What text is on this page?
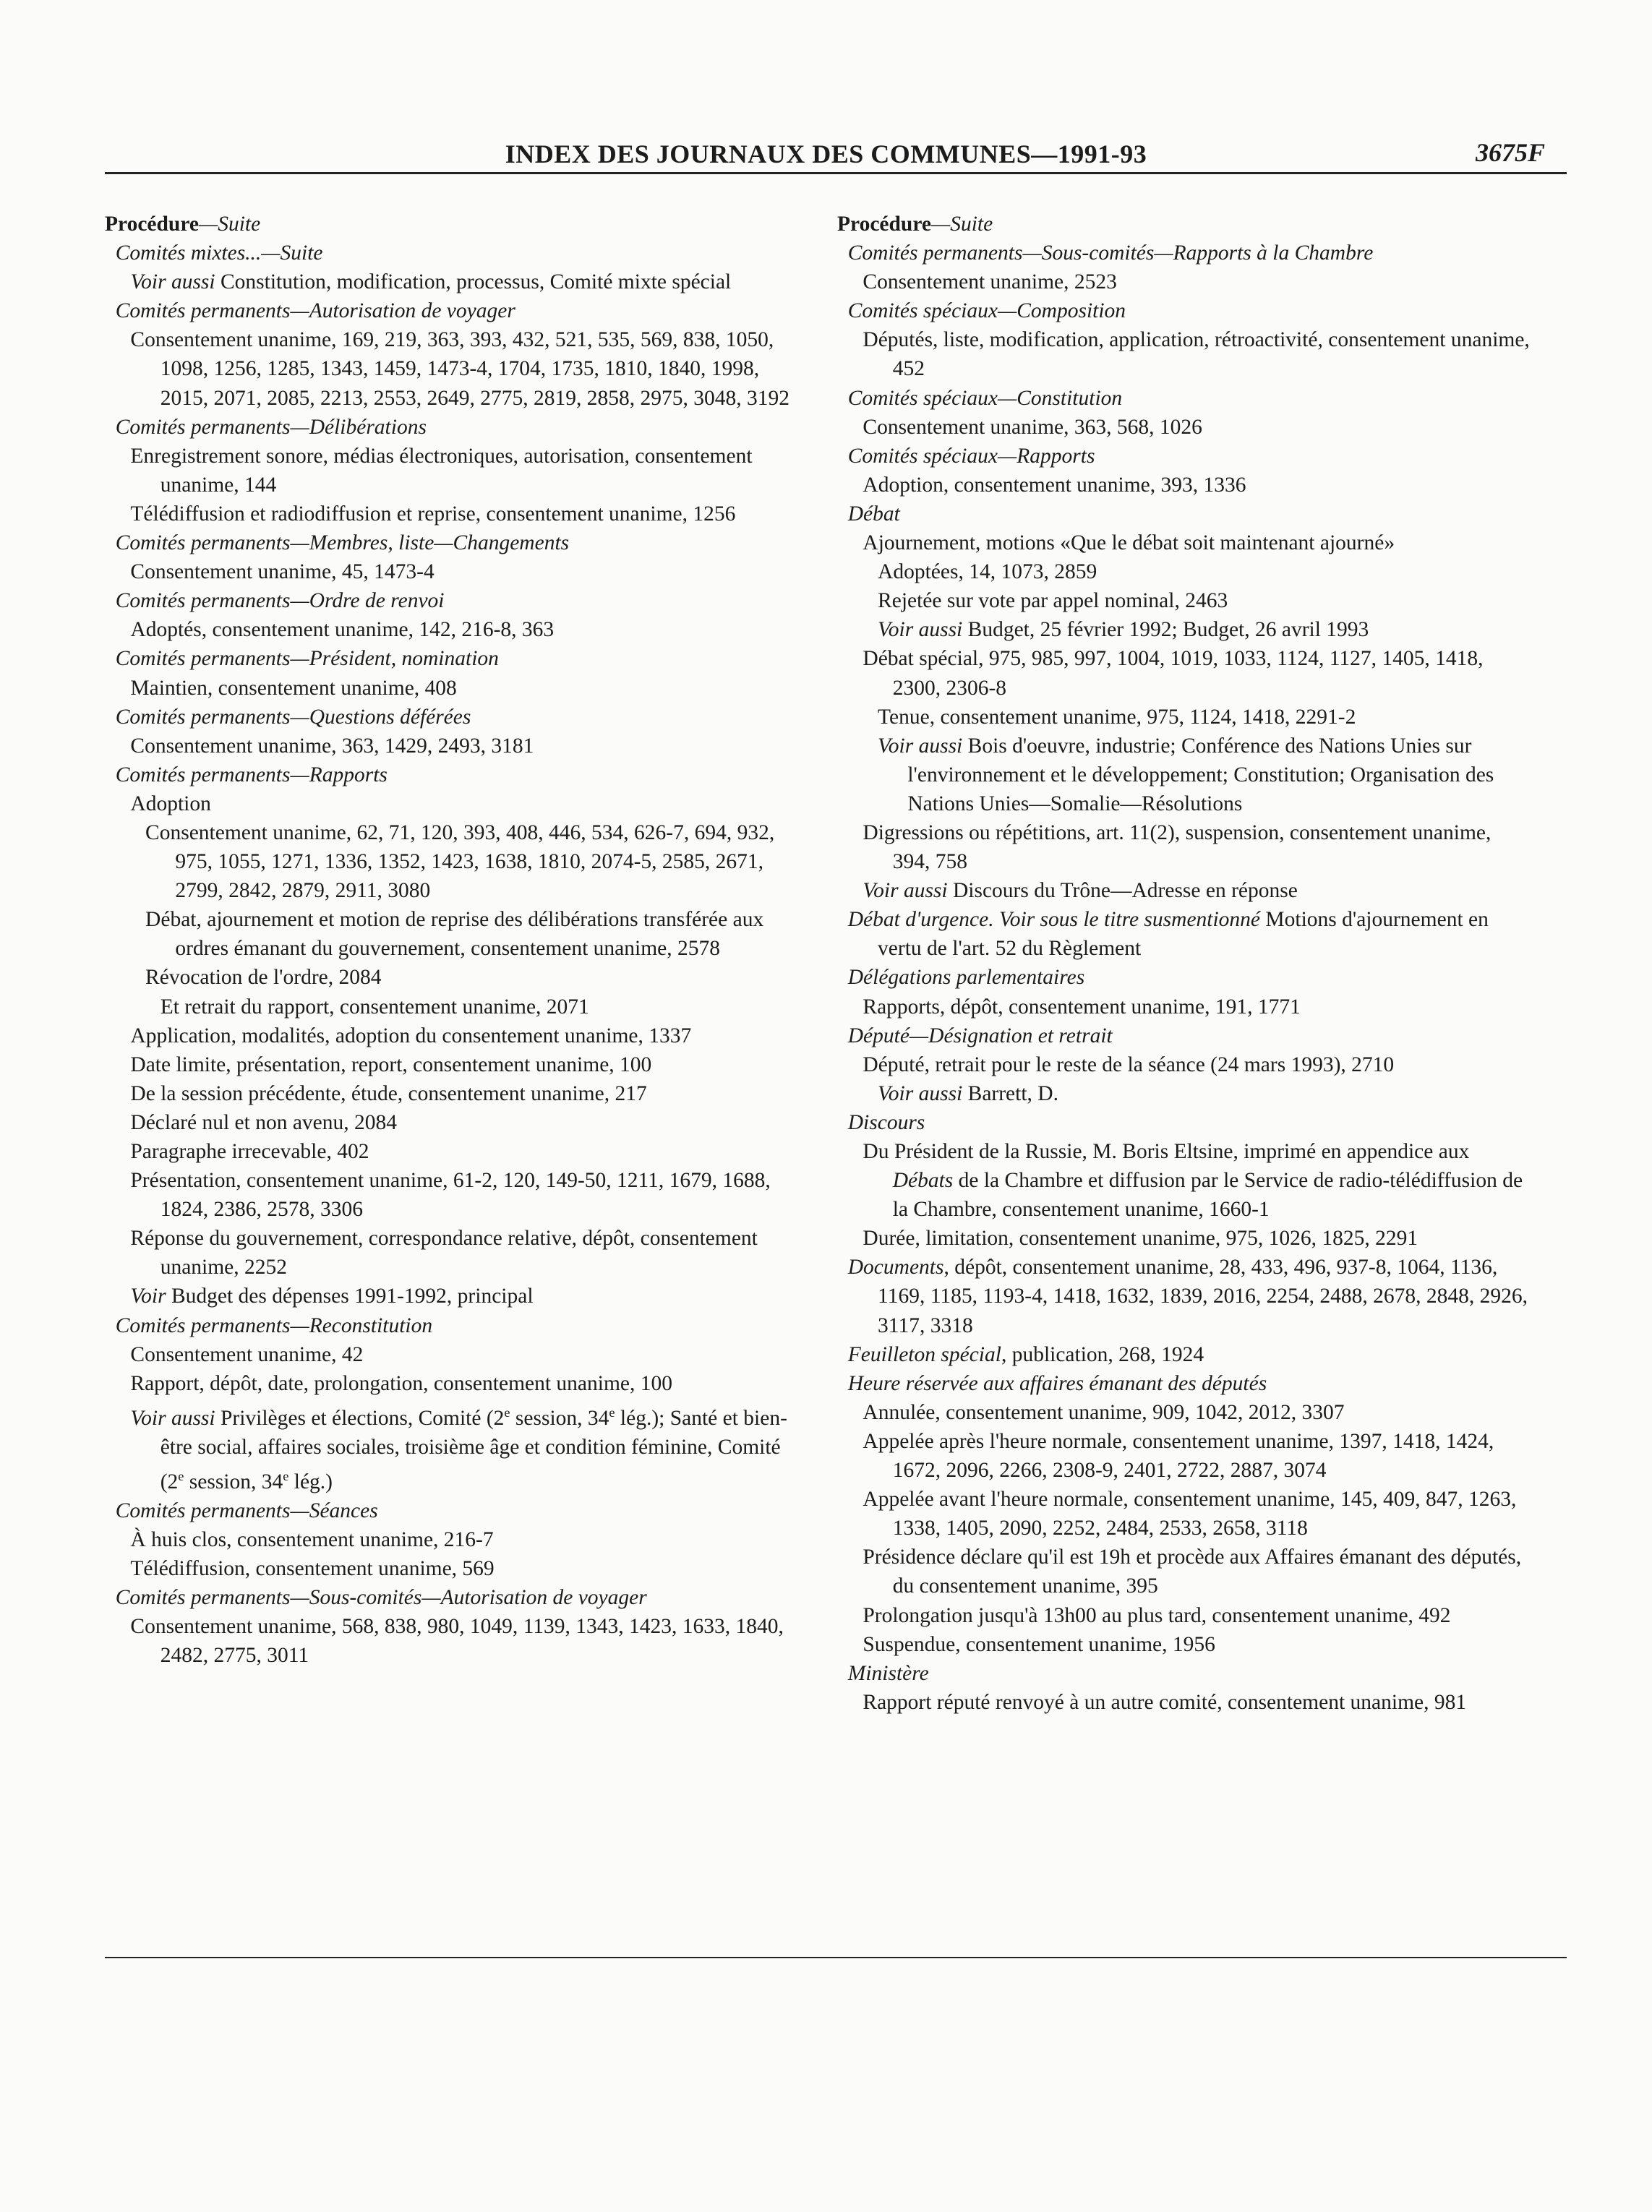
INDEX DES JOURNAUX DES COMMUNES—1991-93	3675F
Procédure—Suite
Comités mixtes...—Suite
Voir aussi Constitution, modification, processus, Comité mixte spécial
Comités permanents—Autorisation de voyager
Consentement unanime, 169, 219, 363, 393, 432, 521, 535, 569, 838, 1050, 1098, 1256, 1285, 1343, 1459, 1473-4, 1704, 1735, 1810, 1840, 1998, 2015, 2071, 2085, 2213, 2553, 2649, 2775, 2819, 2858, 2975, 3048, 3192
Comités permanents—Délibérations
Enregistrement sonore, médias électroniques, autorisation, consentement unanime, 144
Télédiffusion et radiodiffusion et reprise, consentement unanime, 1256
Comités permanents—Membres, liste—Changements
Consentement unanime, 45, 1473-4
Comités permanents—Ordre de renvoi
Adoptés, consentement unanime, 142, 216-8, 363
Comités permanents—Président, nomination
Maintien, consentement unanime, 408
Comités permanents—Questions déférées
Consentement unanime, 363, 1429, 2493, 3181
Comités permanents—Rapports
Adoption
Consentement unanime, 62, 71, 120, 393, 408, 446, 534, 626-7, 694, 932, 975, 1055, 1271, 1336, 1352, 1423, 1638, 1810, 2074-5, 2585, 2671, 2799, 2842, 2879, 2911, 3080
Débat, ajournement et motion de reprise des délibérations transférée aux ordres émanant du gouvernement, consentement unanime, 2578
Révocation de l'ordre, 2084
Et retrait du rapport, consentement unanime, 2071
Application, modalités, adoption du consentement unanime, 1337
Date limite, présentation, report, consentement unanime, 100
De la session précédente, étude, consentement unanime, 217
Déclaré nul et non avenu, 2084
Paragraphe irrecevable, 402
Présentation, consentement unanime, 61-2, 120, 149-50, 1211, 1679, 1688, 1824, 2386, 2578, 3306
Réponse du gouvernement, correspondance relative, dépôt, consentement unanime, 2252
Voir Budget des dépenses 1991-1992, principal
Comités permanents—Reconstitution
Consentement unanime, 42
Rapport, dépôt, date, prolongation, consentement unanime, 100
Voir aussi Privilèges et élections, Comité (2e session, 34e lég.); Santé et bien-être social, affaires sociales, troisième âge et condition féminine, Comité (2e session, 34e lég.)
Comités permanents—Séances
À huis clos, consentement unanime, 216-7
Télédiffusion, consentement unanime, 569
Comités permanents—Sous-comités—Autorisation de voyager
Consentement unanime, 568, 838, 980, 1049, 1139, 1343, 1423, 1633, 1840, 2482, 2775, 3011
Procédure—Suite
Comités permanents—Sous-comités—Rapports à la Chambre
Consentement unanime, 2523
Comités spéciaux—Composition
Députés, liste, modification, application, rétroactivité, consentement unanime, 452
Comités spéciaux—Constitution
Consentement unanime, 363, 568, 1026
Comités spéciaux—Rapports
Adoption, consentement unanime, 393, 1336
Débat
Ajournement, motions «Que le débat soit maintenant ajourné»
Adoptées, 14, 1073, 2859
Rejetée sur vote par appel nominal, 2463
Voir aussi Budget, 25 février 1992; Budget, 26 avril 1993
Débat spécial, 975, 985, 997, 1004, 1019, 1033, 1124, 1127, 1405, 1418, 2300, 2306-8
Tenue, consentement unanime, 975, 1124, 1418, 2291-2
Voir aussi Bois d'oeuvre, industrie; Conférence des Nations Unies sur l'environnement et le développement; Constitution; Organisation des Nations Unies—Somalie—Résolutions
Digressions ou répétitions, art. 11(2), suspension, consentement unanime, 394, 758
Voir aussi Discours du Trône—Adresse en réponse
Débat d'urgence. Voir sous le titre susmentionné Motions d'ajournement en vertu de l'art. 52 du Règlement
Délégations parlementaires
Rapports, dépôt, consentement unanime, 191, 1771
Député—Désignation et retrait
Député, retrait pour le reste de la séance (24 mars 1993), 2710
Voir aussi Barrett, D.
Discours
Du Président de la Russie, M. Boris Eltsine, imprimé en appendice aux Débats de la Chambre et diffusion par le Service de radio-télédiffusion de la Chambre, consentement unanime, 1660-1
Durée, limitation, consentement unanime, 975, 1026, 1825, 2291
Documents, dépôt, consentement unanime, 28, 433, 496, 937-8, 1064, 1136, 1169, 1185, 1193-4, 1418, 1632, 1839, 2016, 2254, 2488, 2678, 2848, 2926, 3117, 3318
Feuilleton spécial, publication, 268, 1924
Heure réservée aux affaires émanant des députés
Annulée, consentement unanime, 909, 1042, 2012, 3307
Appelée après l'heure normale, consentement unanime, 1397, 1418, 1424, 1672, 2096, 2266, 2308-9, 2401, 2722, 2887, 3074
Appelée avant l'heure normale, consentement unanime, 145, 409, 847, 1263, 1338, 1405, 2090, 2252, 2484, 2533, 2658, 3118
Présidence déclare qu'il est 19h et procède aux Affaires émanant des députés, du consentement unanime, 395
Prolongation jusqu'à 13h00 au plus tard, consentement unanime, 492
Suspendue, consentement unanime, 1956
Ministère
Rapport réputé renvoyé à un autre comité, consentement unanime, 981
